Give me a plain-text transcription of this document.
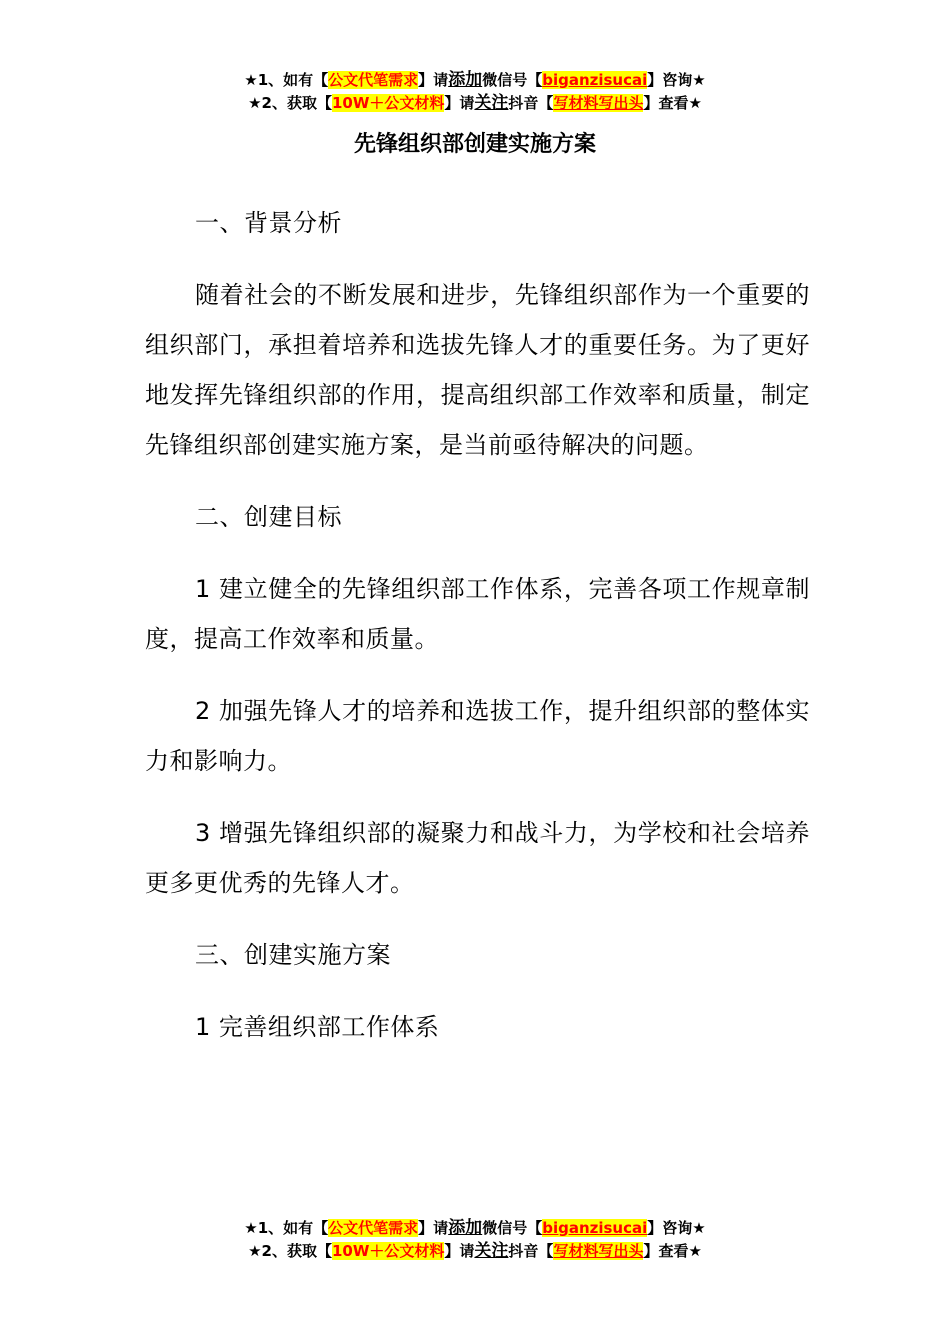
★1、如有【公文代笔需求】请添加微信号【biganzisucai】咨询★
★2、获取【10W＋公文材料】请关注抖音【写材料写出头】查看★
先锋组织部创建实施方案

一、背景分析

随着社会的不断发展和进步，先锋组织部作为一个重要的组织部门，承担着培养和选拔先锋人才的重要任务。为了更好地发挥先锋组织部的作用，提高组织部工作效率和质量，制定先锋组织部创建实施方案，是当前亟待解决的问题。

二、创建目标

1 建立健全的先锋组织部工作体系，完善各项工作规章制度，提高工作效率和质量。

2 加强先锋人才的培养和选拔工作，提升组织部的整体实力和影响力。

3 增强先锋组织部的凝聚力和战斗力，为学校和社会培养更多更优秀的先锋人才。

三、创建实施方案

1 完善组织部工作体系

★1、如有【公文代笔需求】请添加微信号【biganzisucai】咨询★
★2、获取【10W＋公文材料】请关注抖音【写材料写出头】查看★
